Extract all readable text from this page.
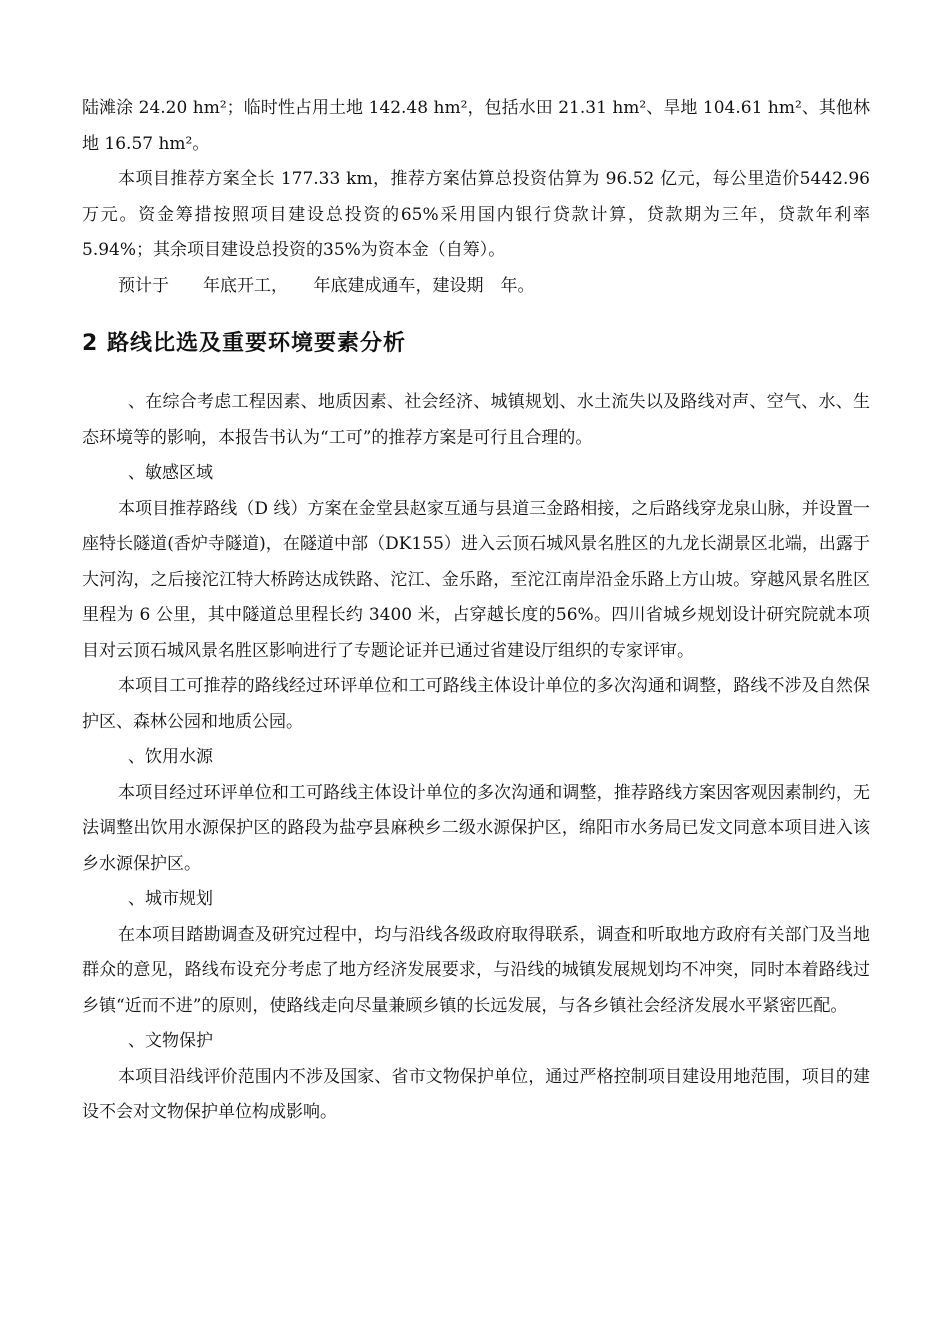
陆滩涂 24.20 hm²；临时性占用土地 142.48 hm²，包括水田 21.31 hm²、旱地 104.61 hm²、其他林地 16.57 hm²。

本项目推荐方案全长 177.33 km，推荐方案估算总投资估算为 96.52 亿元，每公里造价5442.96万元。资金筹措按照项目建设总投资的65%采用国内银行贷款计算，贷款期为三年，贷款年利率5.94%；其余项目建设总投资的35%为资本金（自筹）。

预计于　　年底开工，　　年底建成通车，建设期　年。

2 路线比选及重要环境要素分析

、在综合考虑工程因素、地质因素、社会经济、城镇规划、水土流失以及路线对声、空气、水、生态环境等的影响，本报告书认为“工可”的推荐方案是可行且合理的。

、敏感区域

本项目推荐路线（D 线）方案在金堂县赵家互通与县道三金路相接，之后路线穿龙泉山脉，并设置一座特长隧道(香炉寺隧道)，在隧道中部（DK155）进入云顶石城风景名胜区的九龙长湖景区北端，出露于大河沟，之后接沱江特大桥跨达成铁路、沱江、金乐路，至沱江南岸沿金乐路上方山坡。穿越风景名胜区里程为 6 公里，其中隧道总里程长约 3400 米，占穿越长度的56%。四川省城乡规划设计研究院就本项目对云顶石城风景名胜区影响进行了专题论证并已通过省建设厅组织的专家评审。

本项目工可推荐的路线经过环评单位和工可路线主体设计单位的多次沟通和调整，路线不涉及自然保护区、森林公园和地质公园。

、饮用水源

本项目经过环评单位和工可路线主体设计单位的多次沟通和调整，推荐路线方案因客观因素制约，无法调整出饮用水源保护区的路段为盐亭县麻秧乡二级水源保护区，绵阳市水务局已发文同意本项目进入该乡水源保护区。

、城市规划

在本项目踏勘调查及研究过程中，均与沿线各级政府取得联系，调查和听取地方政府有关部门及当地群众的意见，路线布设充分考虑了地方经济发展要求，与沿线的城镇发展规划均不冲突，同时本着路线过乡镇“近而不进”的原则，使路线走向尽量兼顾乡镇的长远发展，与各乡镇社会经济发展水平紧密匹配。

、文物保护

本项目沿线评价范围内不涉及国家、省市文物保护单位，通过严格控制项目建设用地范围，项目的建设不会对文物保护单位构成影响。
